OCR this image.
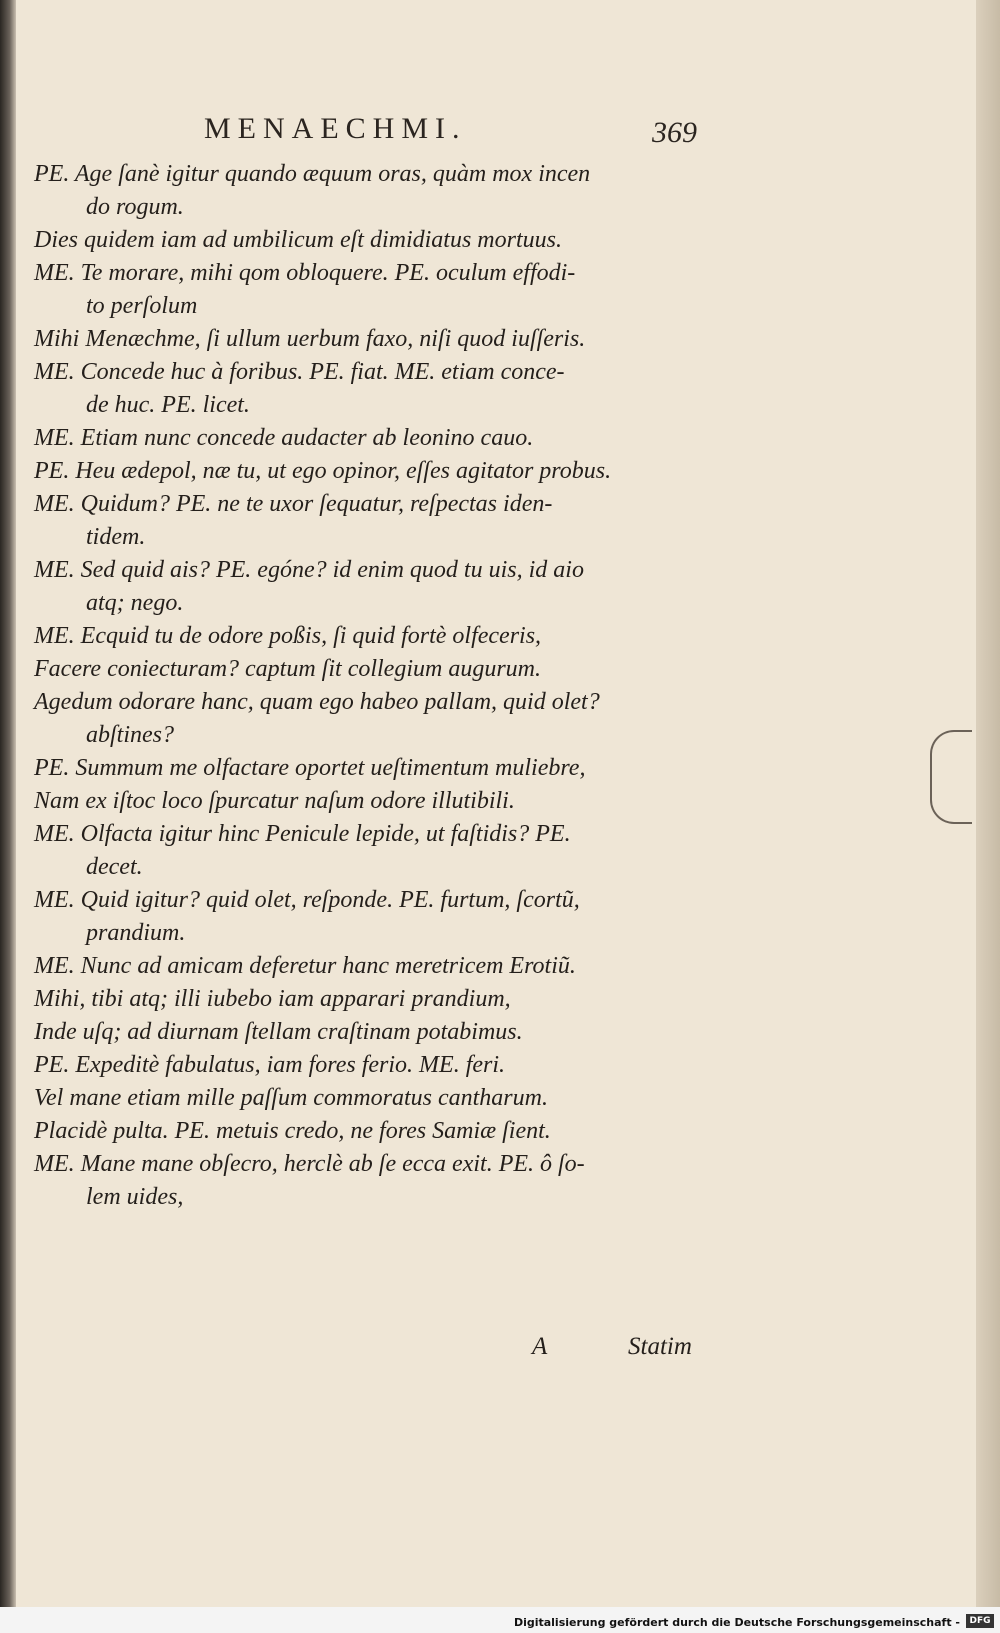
MENAECHMI.	369
PE. Age ſanè igitur quando æquum oras, quàm mox incen
do rogum.
Dies quidem iam ad umbilicum eſt dimidiatus mortuus.
ME. Te morare, mihi qom obloquere. PE. oculum effodi-
to perſolum
Mihi Menæchme, ſi ullum uerbum faxo, niſi quod iuſſeris.
ME. Concede huc à foribus. PE. fiat. ME. etiam conce-
de huc. PE. licet.
ME. Etiam nunc concede audacter ab leonino cauo.
PE. Heu ædepol, næ tu, ut ego opinor, eſſes agitator probus.
ME. Quidum? PE. ne te uxor ſequatur, reſpectas iden-
tidem.
ME. Sed quid ais? PE. egóne? id enim quod tu uis, id aio
atq; nego.
ME. Ecquid tu de odore poßis, ſi quid fortè olfeceris,
Facere coniecturam? captum ſit collegium augurum.
Agedum odorare hanc, quam ego habeo pallam, quid olet?
abſtines?
PE. Summum me olfactare oportet ueſtimentum muliebre,
Nam ex iſtoc loco ſpurcatur naſum odore illutibili.
ME. Olfacta igitur hinc Penicule lepide, ut faſtidis? PE.
decet.
ME. Quid igitur? quid olet, reſponde. PE. furtum, ſcortũ,
prandium.
ME. Nunc ad amicam deferetur hanc meretricem Erotiũ.
Mihi, tibi atq; illi iubebo iam apparari prandium,
Inde uſq; ad diurnam ſtellam craſtinam potabimus.
PE. Expeditè fabulatus, iam fores ferio. ME. feri.
Vel mane etiam mille paſſum commoratus cantharum.
Placidè pulta. PE. metuis credo, ne fores Samiæ ſient.
ME. Mane mane obſecro, herclè ab ſe ecca exit. PE. ô ſo-
lem uides,
A	Statim
Digitalisierung gefördert durch die Deutsche Forschungsgemeinschaft -	DFG
